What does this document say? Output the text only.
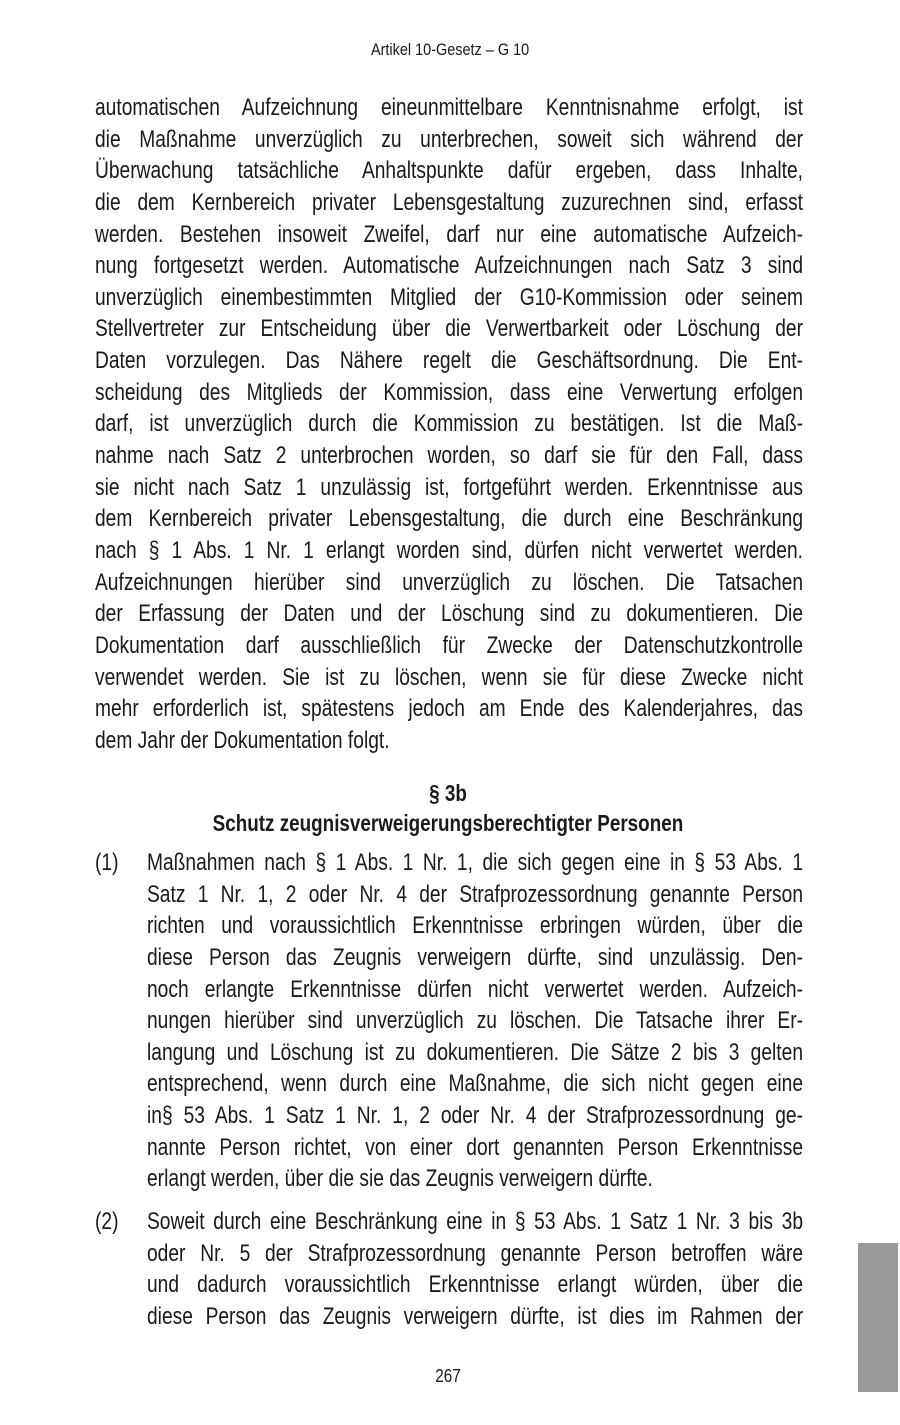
Artikel 10-Gesetz – G 10
automatischen Aufzeichnung eineunmittelbare Kenntnisnahme erfolgt, ist
die Maßnahme unverzüglich zu unterbrechen, soweit sich während der
Überwachung tatsächliche Anhaltspunkte dafür ergeben, dass Inhalte,
die dem Kernbereich privater Lebensgestaltung zuzurechnen sind, erfasst
werden. Bestehen insoweit Zweifel, darf nur eine automatische Aufzeich-
nung fortgesetzt werden. Automatische Aufzeichnungen nach Satz 3 sind
unverzüglich einembestimmten Mitglied der G10-Kommission oder seinem
Stellvertreter zur Entscheidung über die Verwertbarkeit oder Löschung der
Daten vorzulegen. Das Nähere regelt die Geschäftsordnung. Die Ent-
scheidung des Mitglieds der Kommission, dass eine Verwertung erfolgen
darf, ist unverzüglich durch die Kommission zu bestätigen. Ist die Maß-
nahme nach Satz 2 unterbrochen worden, so darf sie für den Fall, dass
sie nicht nach Satz 1 unzulässig ist, fortgeführt werden. Erkenntnisse aus
dem Kernbereich privater Lebensgestaltung, die durch eine Beschränkung
nach § 1 Abs. 1 Nr. 1 erlangt worden sind, dürfen nicht verwertet werden.
Aufzeichnungen hierüber sind unverzüglich zu löschen. Die Tatsachen
der Erfassung der Daten und der Löschung sind zu dokumentieren. Die
Dokumentation darf ausschließlich für Zwecke der Datenschutzkontrolle
verwendet werden. Sie ist zu löschen, wenn sie für diese Zwecke nicht
mehr erforderlich ist, spätestens jedoch am Ende des Kalenderjahres, das
dem Jahr der Dokumentation folgt.
§ 3b
Schutz zeugnisverweigerungsberechtigter Personen
(1) Maßnahmen nach § 1 Abs. 1 Nr. 1, die sich gegen eine in § 53 Abs. 1
Satz 1 Nr. 1, 2 oder Nr. 4 der Strafprozessordnung genannte Person
richten und voraussichtlich Erkenntnisse erbringen würden, über die
diese Person das Zeugnis verweigern dürfte, sind unzulässig. Den-
noch erlangte Erkenntnisse dürfen nicht verwertet werden. Aufzeich-
nungen hierüber sind unverzüglich zu löschen. Die Tatsache ihrer Er-
langung und Löschung ist zu dokumentieren. Die Sätze 2 bis 3 gelten
entsprechend, wenn durch eine Maßnahme, die sich nicht gegen eine
in§ 53 Abs. 1 Satz 1 Nr. 1, 2 oder Nr. 4 der Strafprozessordnung ge-
nannte Person richtet, von einer dort genannten Person Erkenntnisse
erlangt werden, über die sie das Zeugnis verweigern dürfte.
(2) Soweit durch eine Beschränkung eine in § 53 Abs. 1 Satz 1 Nr. 3 bis 3b
oder Nr. 5 der Strafprozessordnung genannte Person betroffen wäre
und dadurch voraussichtlich Erkenntnisse erlangt würden, über die
diese Person das Zeugnis verweigern dürfte, ist dies im Rahmen der
267
